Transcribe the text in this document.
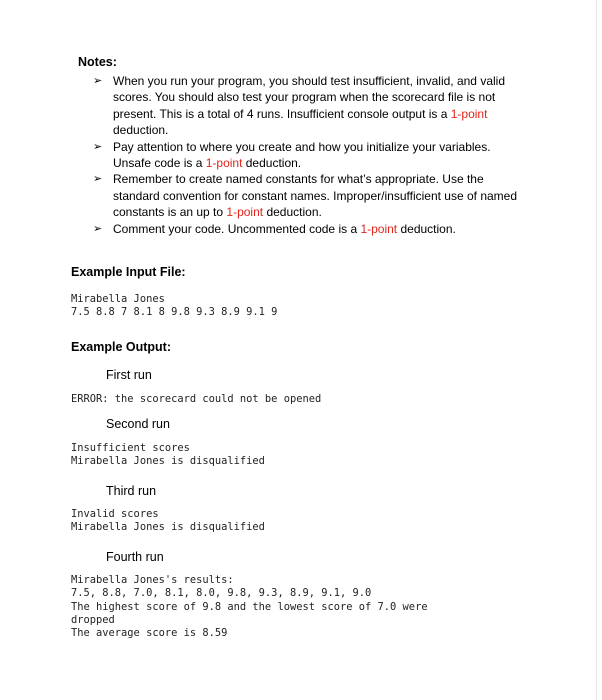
Notes:
➢ When you run your program, you should test insufficient, invalid, and valid scores. You should also test your program when the scorecard file is not present. This is a total of 4 runs. Insufficient console output is a 1-point deduction.
➢ Pay attention to where you create and how you initialize your variables. Unsafe code is a 1-point deduction.
➢ Remember to create named constants for what’s appropriate. Use the standard convention for constant names. Improper/insufficient use of named constants is an up to 1-point deduction.
➢ Comment your code. Uncommented code is a 1-point deduction.
Example Input File:
Mirabella Jones
7.5 8.8 7 8.1 8 9.8 9.3 8.9 9.1 9
Example Output:
First run
ERROR: the scorecard could not be opened
Second run
Insufficient scores
Mirabella Jones is disqualified
Third run
Invalid scores
Mirabella Jones is disqualified
Fourth run
Mirabella Jones's results:
7.5, 8.8, 7.0, 8.1, 8.0, 9.8, 9.3, 8.9, 9.1, 9.0
The highest score of 9.8 and the lowest score of 7.0 were
dropped
The average score is 8.59
